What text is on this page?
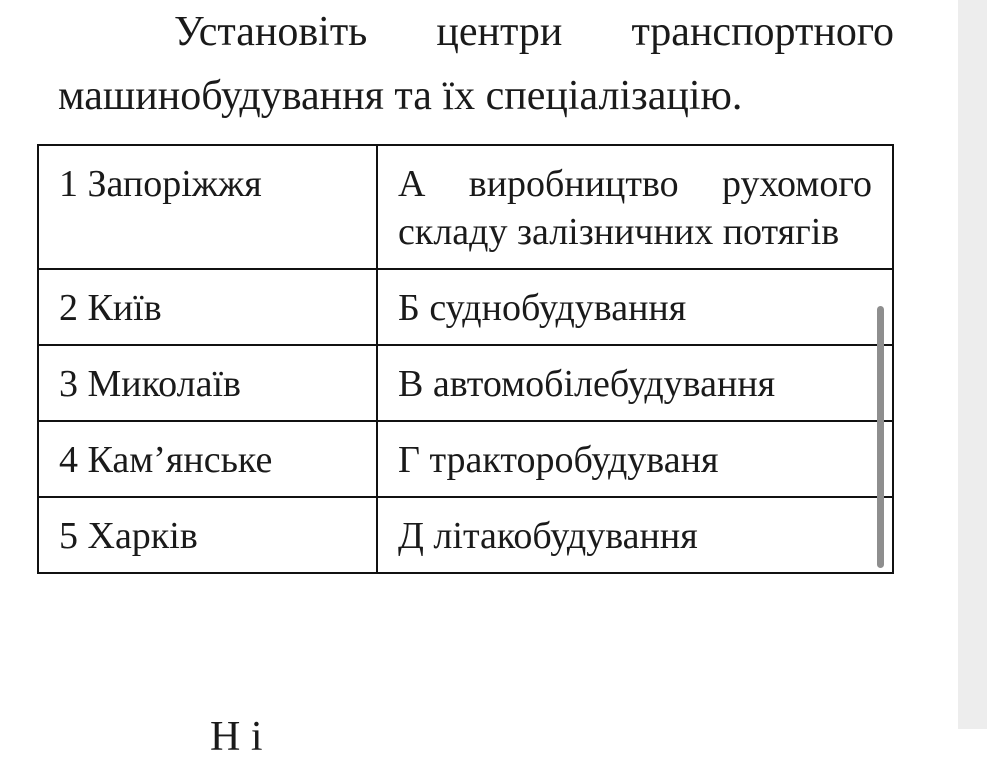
Установіть центри транспортного машинобудування та їх спеціалізацію.

1 Запоріжжя	А виробництво рухомого складу залізничних потягів

2 Київ	Б суднобудування

3 Миколаїв	В автомобілебудування

4 Кам’янське	Г тракторобудуваня

5 Харків	Д літакобудування
Н і
